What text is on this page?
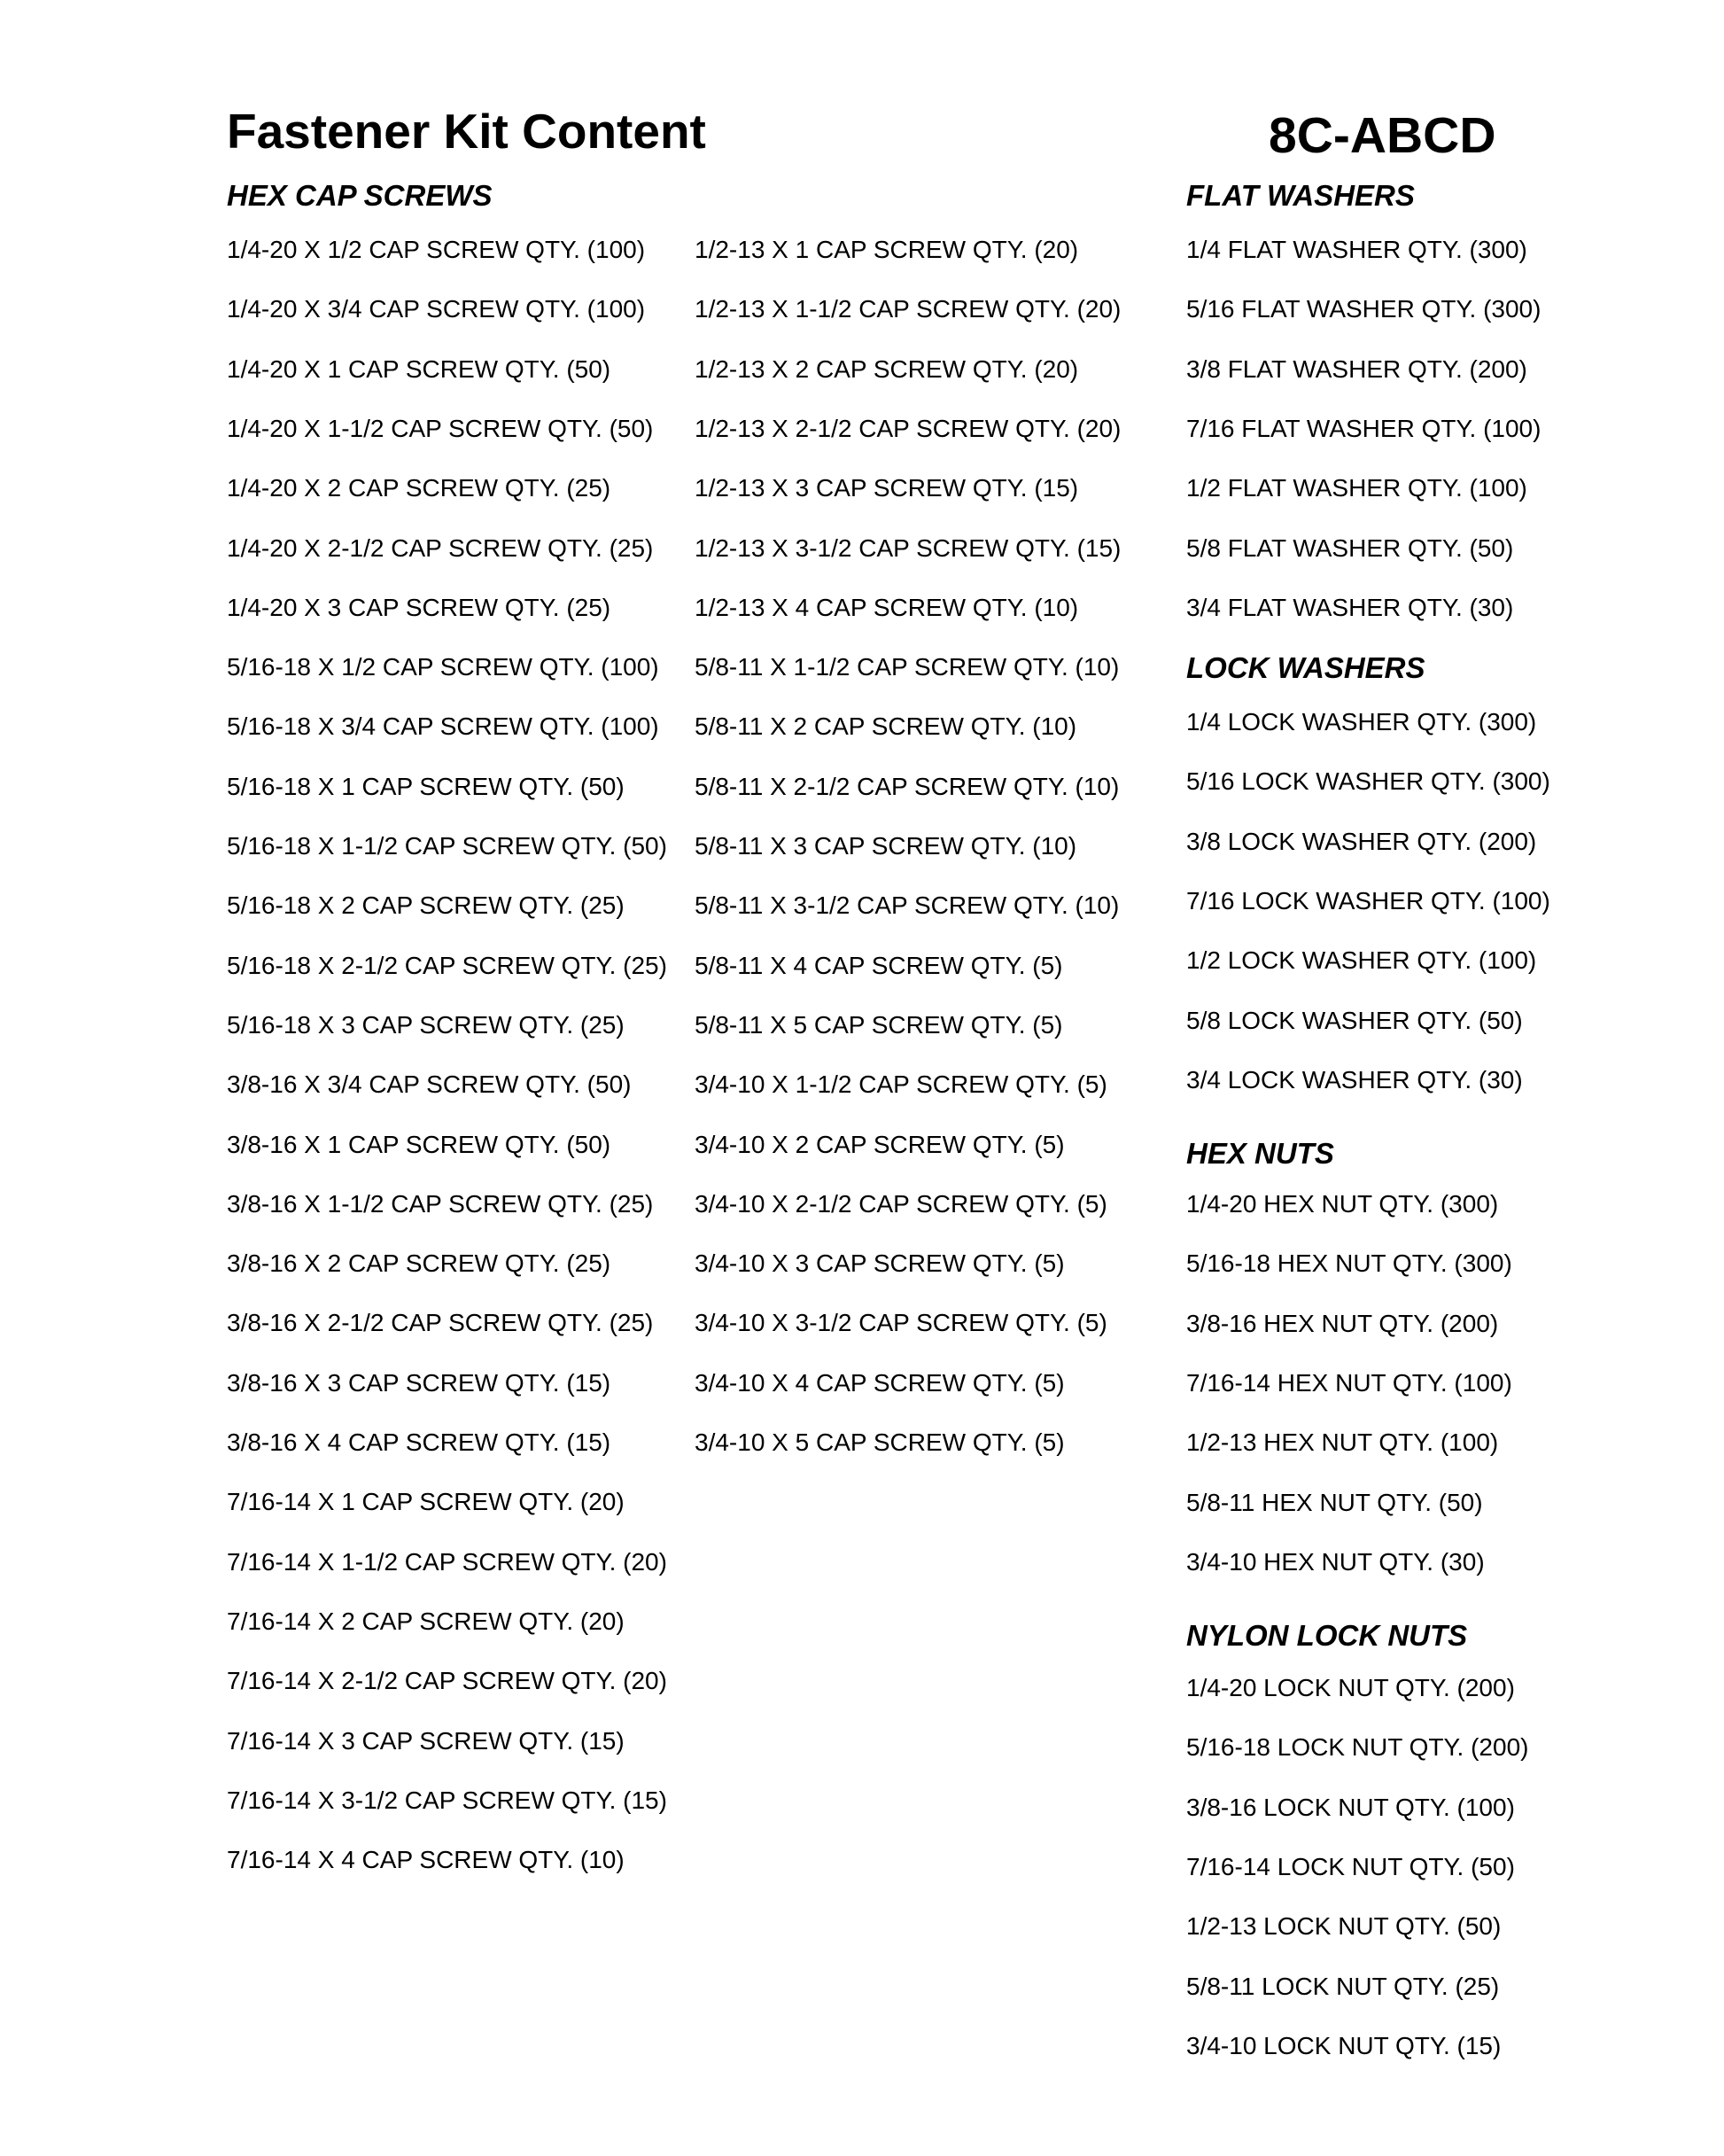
Fastener Kit Content	8C-ABCD
HEX CAP SCREWS	FLAT WASHERS
LOCK WASHERS
HEX NUTS
NYLON LOCK NUTS
1/4-20 X 1/2 CAP SCREW QTY. (100)
1/4-20 X 3/4 CAP SCREW QTY. (100)
1/4-20 X 1 CAP SCREW QTY. (50)
1/4-20 X 1-1/2 CAP SCREW QTY. (50)
1/4-20 X 2 CAP SCREW QTY. (25)
1/4-20 X 2-1/2 CAP SCREW QTY. (25)
1/4-20 X 3 CAP SCREW QTY. (25)
5/16-18 X 1/2 CAP SCREW QTY. (100)
5/16-18 X 3/4 CAP SCREW QTY. (100)
5/16-18 X 1 CAP SCREW QTY. (50)
5/16-18 X 1-1/2 CAP SCREW QTY. (50)
5/16-18 X 2 CAP SCREW QTY. (25)
5/16-18 X 2-1/2 CAP SCREW QTY. (25)
5/16-18 X 3 CAP SCREW QTY. (25)
3/8-16 X 3/4 CAP SCREW QTY. (50)
3/8-16 X 1 CAP SCREW QTY. (50)
3/8-16 X 1-1/2 CAP SCREW QTY. (25)
3/8-16 X 2 CAP SCREW QTY. (25)
3/8-16 X 2-1/2 CAP SCREW QTY. (25)
3/8-16 X 3 CAP SCREW QTY. (15)
3/8-16 X 4 CAP SCREW QTY. (15)
7/16-14 X 1 CAP SCREW QTY. (20)
7/16-14 X 1-1/2 CAP SCREW QTY. (20)
7/16-14 X 2 CAP SCREW QTY. (20)
7/16-14 X 2-1/2 CAP SCREW QTY. (20)
7/16-14 X 3 CAP SCREW QTY. (15)
7/16-14 X 3-1/2 CAP SCREW QTY. (15)
7/16-14 X 4 CAP SCREW QTY. (10)
1/2-13 X 1 CAP SCREW QTY. (20)
1/2-13 X 1-1/2 CAP SCREW QTY. (20)
1/2-13 X 2 CAP SCREW QTY. (20)
1/2-13 X 2-1/2 CAP SCREW QTY. (20)
1/2-13 X 3 CAP SCREW QTY. (15)
1/2-13 X 3-1/2 CAP SCREW QTY. (15)
1/2-13 X 4 CAP SCREW QTY. (10)
5/8-11 X 1-1/2 CAP SCREW QTY. (10)
5/8-11 X 2 CAP SCREW QTY. (10)
5/8-11 X 2-1/2 CAP SCREW QTY. (10)
5/8-11 X 3 CAP SCREW QTY. (10)
5/8-11 X 3-1/2 CAP SCREW QTY. (10)
5/8-11 X 4 CAP SCREW QTY. (5)
5/8-11 X 5 CAP SCREW QTY. (5)
3/4-10 X 1-1/2 CAP SCREW QTY. (5)
3/4-10 X 2 CAP SCREW QTY. (5)
3/4-10 X 2-1/2 CAP SCREW QTY. (5)
3/4-10 X 3 CAP SCREW QTY. (5)
3/4-10 X 3-1/2 CAP SCREW QTY. (5)
3/4-10 X 4 CAP SCREW QTY. (5)
3/4-10 X 5 CAP SCREW QTY. (5)
1/4 FLAT WASHER QTY. (300)
5/16 FLAT WASHER QTY. (300)
3/8 FLAT WASHER QTY. (200)
7/16 FLAT WASHER QTY. (100)
1/2 FLAT WASHER QTY. (100)
5/8 FLAT WASHER QTY. (50)
3/4 FLAT WASHER QTY. (30)
1/4 LOCK WASHER QTY. (300)
5/16 LOCK WASHER QTY. (300)
3/8 LOCK WASHER QTY. (200)
7/16 LOCK WASHER QTY. (100)
1/2 LOCK WASHER QTY. (100)
5/8 LOCK WASHER QTY. (50)
3/4 LOCK WASHER QTY. (30)
1/4-20 HEX NUT QTY. (300)
5/16-18 HEX NUT QTY. (300)
3/8-16 HEX NUT QTY. (200)
7/16-14 HEX NUT QTY. (100)
1/2-13 HEX NUT QTY. (100)
5/8-11 HEX NUT QTY. (50)
3/4-10 HEX NUT QTY. (30)
1/4-20 LOCK NUT QTY. (200)
5/16-18 LOCK NUT QTY. (200)
3/8-16 LOCK NUT QTY. (100)
7/16-14 LOCK NUT QTY. (50)
1/2-13 LOCK NUT QTY. (50)
5/8-11 LOCK NUT QTY. (25)
3/4-10 LOCK NUT QTY. (15)
